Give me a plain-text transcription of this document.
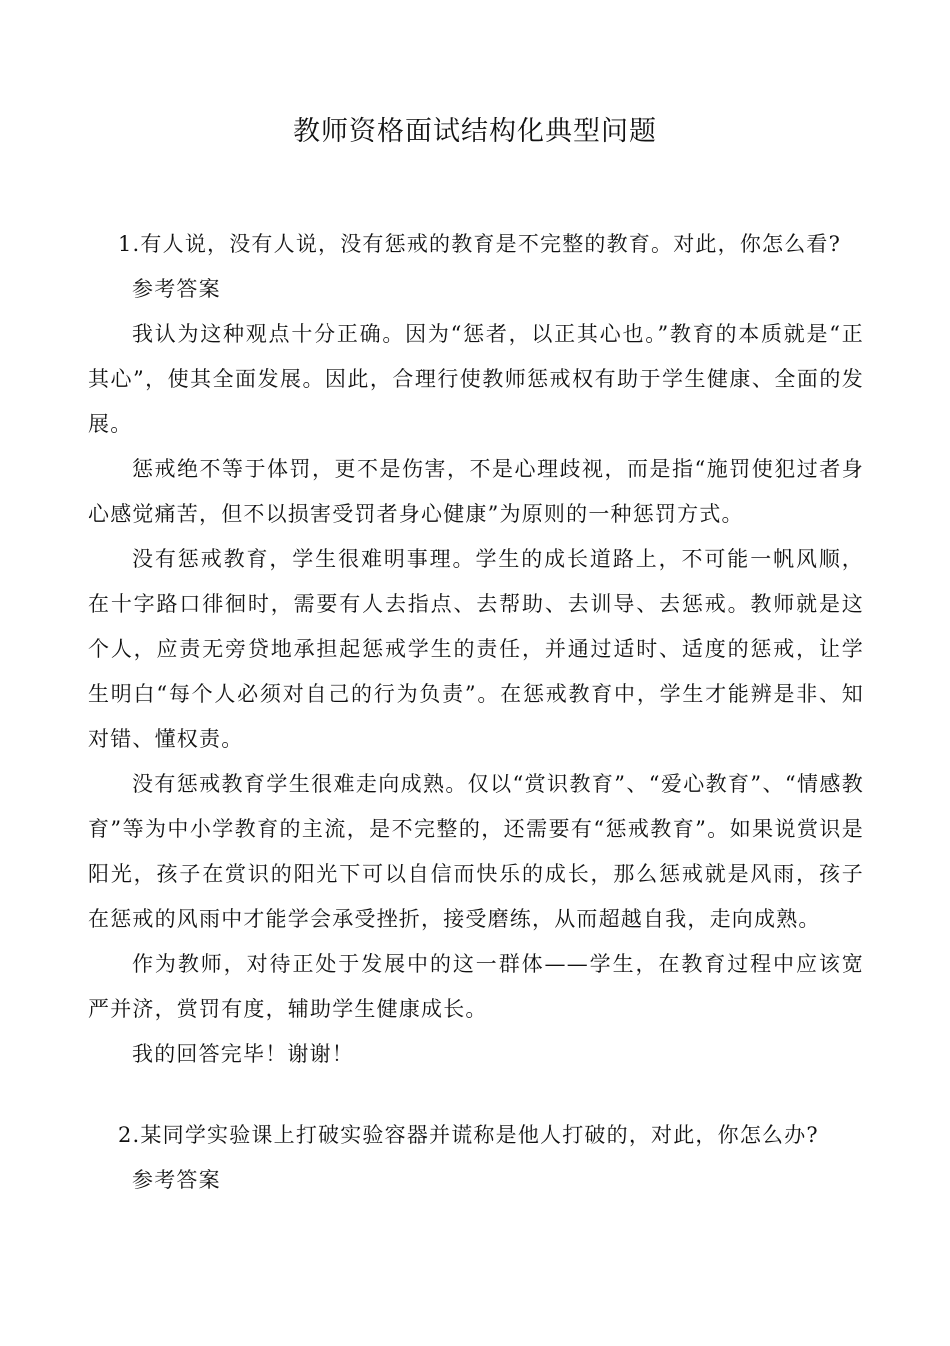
教师资格面试结构化典型问题

1.有人说，没有人说，没有惩戒的教育是不完整的教育。对此，你怎么看?

参考答案

我认为这种观点十分正确。因为“惩者，以正其心也。”教育的本质就是“正其心”，使其全面发展。因此，合理行使教师惩戒权有助于学生健康、全面的发展。

惩戒绝不等于体罚，更不是伤害，不是心理歧视，而是指“施罚使犯过者身心感觉痛苦，但不以损害受罚者身心健康”为原则的一种惩罚方式。

没有惩戒教育，学生很难明事理。学生的成长道路上，不可能一帆风顺，在十字路口徘徊时，需要有人去指点、去帮助、去训导、去惩戒。教师就是这个人，应责无旁贷地承担起惩戒学生的责任，并通过适时、适度的惩戒，让学生明白“每个人必须对自己的行为负责”。在惩戒教育中，学生才能辨是非、知对错、懂权责。

没有惩戒教育学生很难走向成熟。仅以“赏识教育”、“爱心教育”、“情感教育”等为中小学教育的主流，是不完整的，还需要有“惩戒教育”。如果说赏识是阳光，孩子在赏识的阳光下可以自信而快乐的成长，那么惩戒就是风雨，孩子在惩戒的风雨中才能学会承受挫折，接受磨练，从而超越自我，走向成熟。

作为教师，对待正处于发展中的这一群体——学生，在教育过程中应该宽严并济，赏罚有度，辅助学生健康成长。

我的回答完毕！谢谢！

2.某同学实验课上打破实验容器并谎称是他人打破的，对此，你怎么办?

参考答案
